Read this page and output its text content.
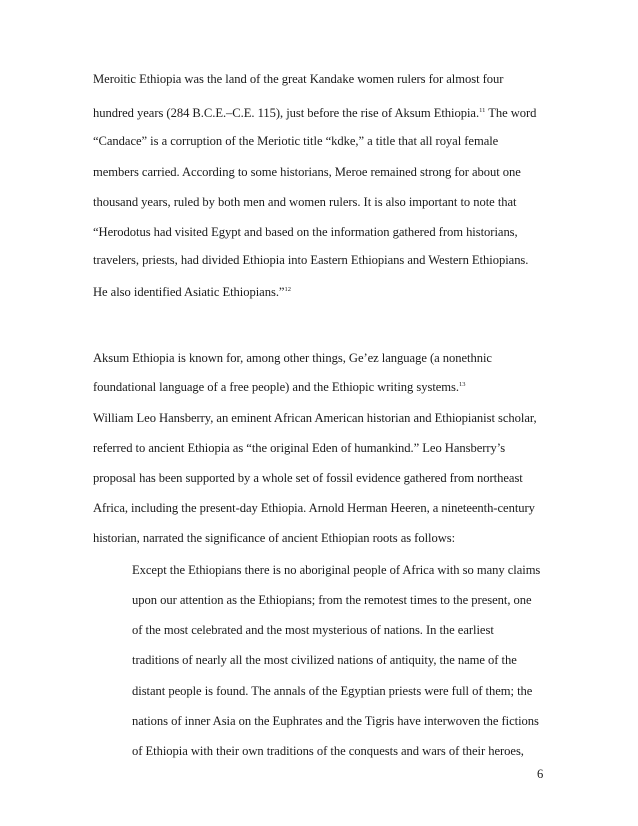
Meroitic Ethiopia was the land of the great Kandake women rulers for almost four
hundred years (284 B.C.E.–C.E. 115), just before the rise of Aksum Ethiopia.$^{11}$ The word
“Candace” is a corruption of the Meriotic title “kdke,” a title that all royal female
members carried. According to some historians, Meroe remained strong for about one
thousand years, ruled by both men and women rulers. It is also important to note that
“Herodotus had visited Egypt and based on the information gathered from historians,
travelers, priests, had divided Ethiopia into Eastern Ethiopians and Western Ethiopians.
He also identified Asiatic Ethiopians.”$^{12}$
Aksum Ethiopia is known for, among other things, Ge’ez language (a nonethnic
foundational language of a free people) and the Ethiopic writing systems.$^{13}$
William Leo Hansberry, an eminent African American historian and Ethiopianist scholar,
referred to ancient Ethiopia as “the original Eden of humankind.” Leo Hansberry’s
proposal has been supported by a whole set of fossil evidence gathered from northeast
Africa, including the present-day Ethiopia. Arnold Herman Heeren, a nineteenth-century
historian, narrated the significance of ancient Ethiopian roots as follows:
Except the Ethiopians there is no aboriginal people of Africa with so many claims
upon our attention as the Ethiopians; from the remotest times to the present, one
of the most celebrated and the most mysterious of nations. In the earliest
traditions of nearly all the most civilized nations of antiquity, the name of the
distant people is found. The annals of the Egyptian priests were full of them; the
nations of inner Asia on the Euphrates and the Tigris have interwoven the fictions
of Ethiopia with their own traditions of the conquests and wars of their heroes,
6
